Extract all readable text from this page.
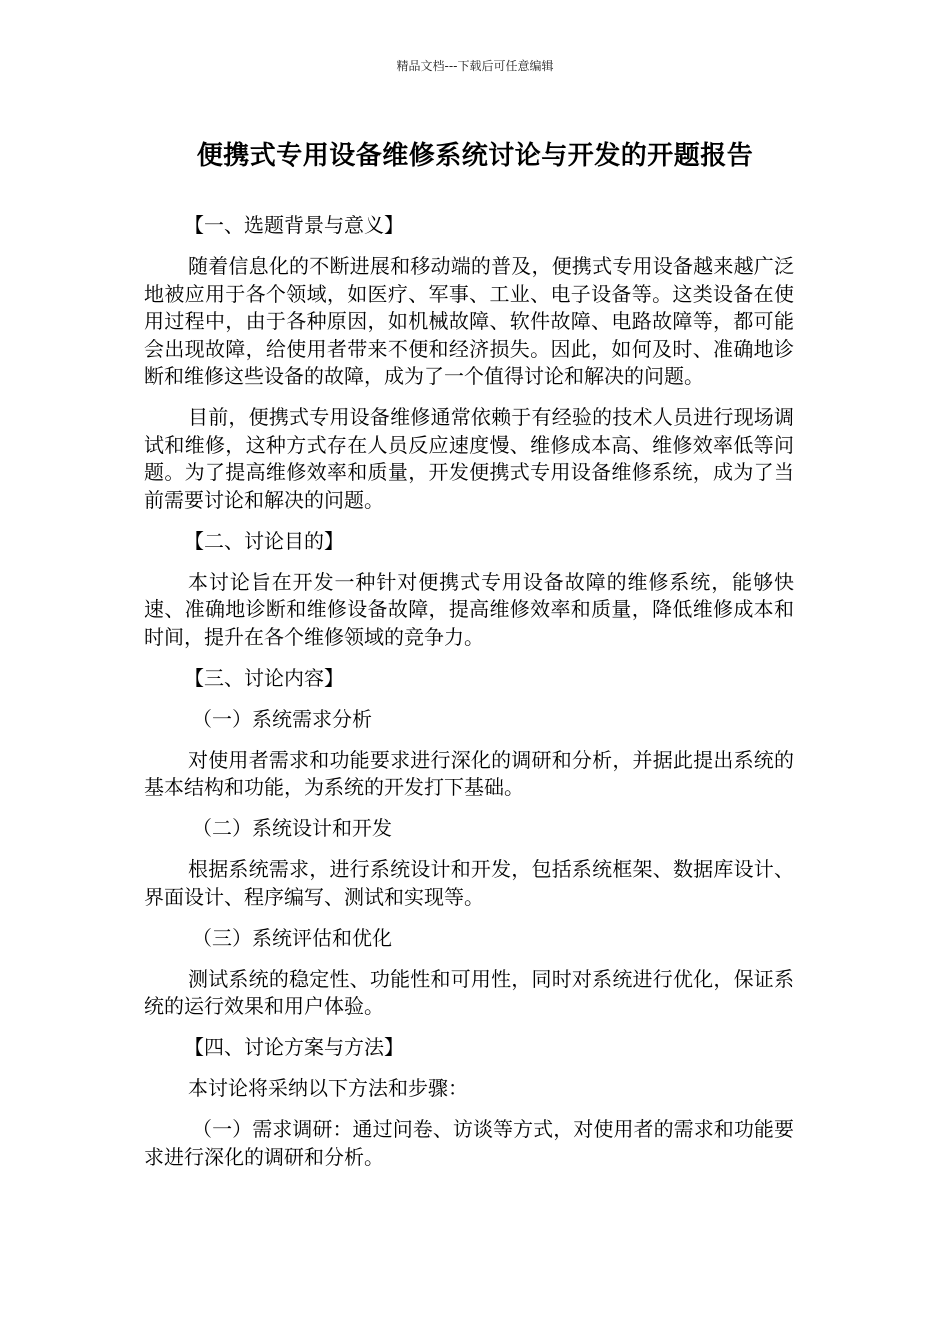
精品文档---下载后可任意编辑
便携式专用设备维修系统讨论与开发的开题报告

【一、选题背景与意义】

随着信息化的不断进展和移动端的普及，便携式专用设备越来越广泛地被应用于各个领域，如医疗、军事、工业、电子设备等。这类设备在使用过程中，由于各种原因，如机械故障、软件故障、电路故障等，都可能会出现故障，给使用者带来不便和经济损失。因此，如何及时、准确地诊断和维修这些设备的故障，成为了一个值得讨论和解决的问题。

目前，便携式专用设备维修通常依赖于有经验的技术人员进行现场调试和维修，这种方式存在人员反应速度慢、维修成本高、维修效率低等问题。为了提高维修效率和质量，开发便携式专用设备维修系统，成为了当前需要讨论和解决的问题。

【二、讨论目的】

本讨论旨在开发一种针对便携式专用设备故障的维修系统，能够快速、准确地诊断和维修设备故障，提高维修效率和质量，降低维修成本和时间，提升在各个维修领域的竞争力。

【三、讨论内容】

（一）系统需求分析

对使用者需求和功能要求进行深化的调研和分析，并据此提出系统的基本结构和功能，为系统的开发打下基础。

（二）系统设计和开发

根据系统需求，进行系统设计和开发，包括系统框架、数据库设计、界面设计、程序编写、测试和实现等。

（三）系统评估和优化

测试系统的稳定性、功能性和可用性，同时对系统进行优化，保证系统的运行效果和用户体验。

【四、讨论方案与方法】

本讨论将采纳以下方法和步骤：

（一）需求调研：通过问卷、访谈等方式，对使用者的需求和功能要求进行深化的调研和分析。
